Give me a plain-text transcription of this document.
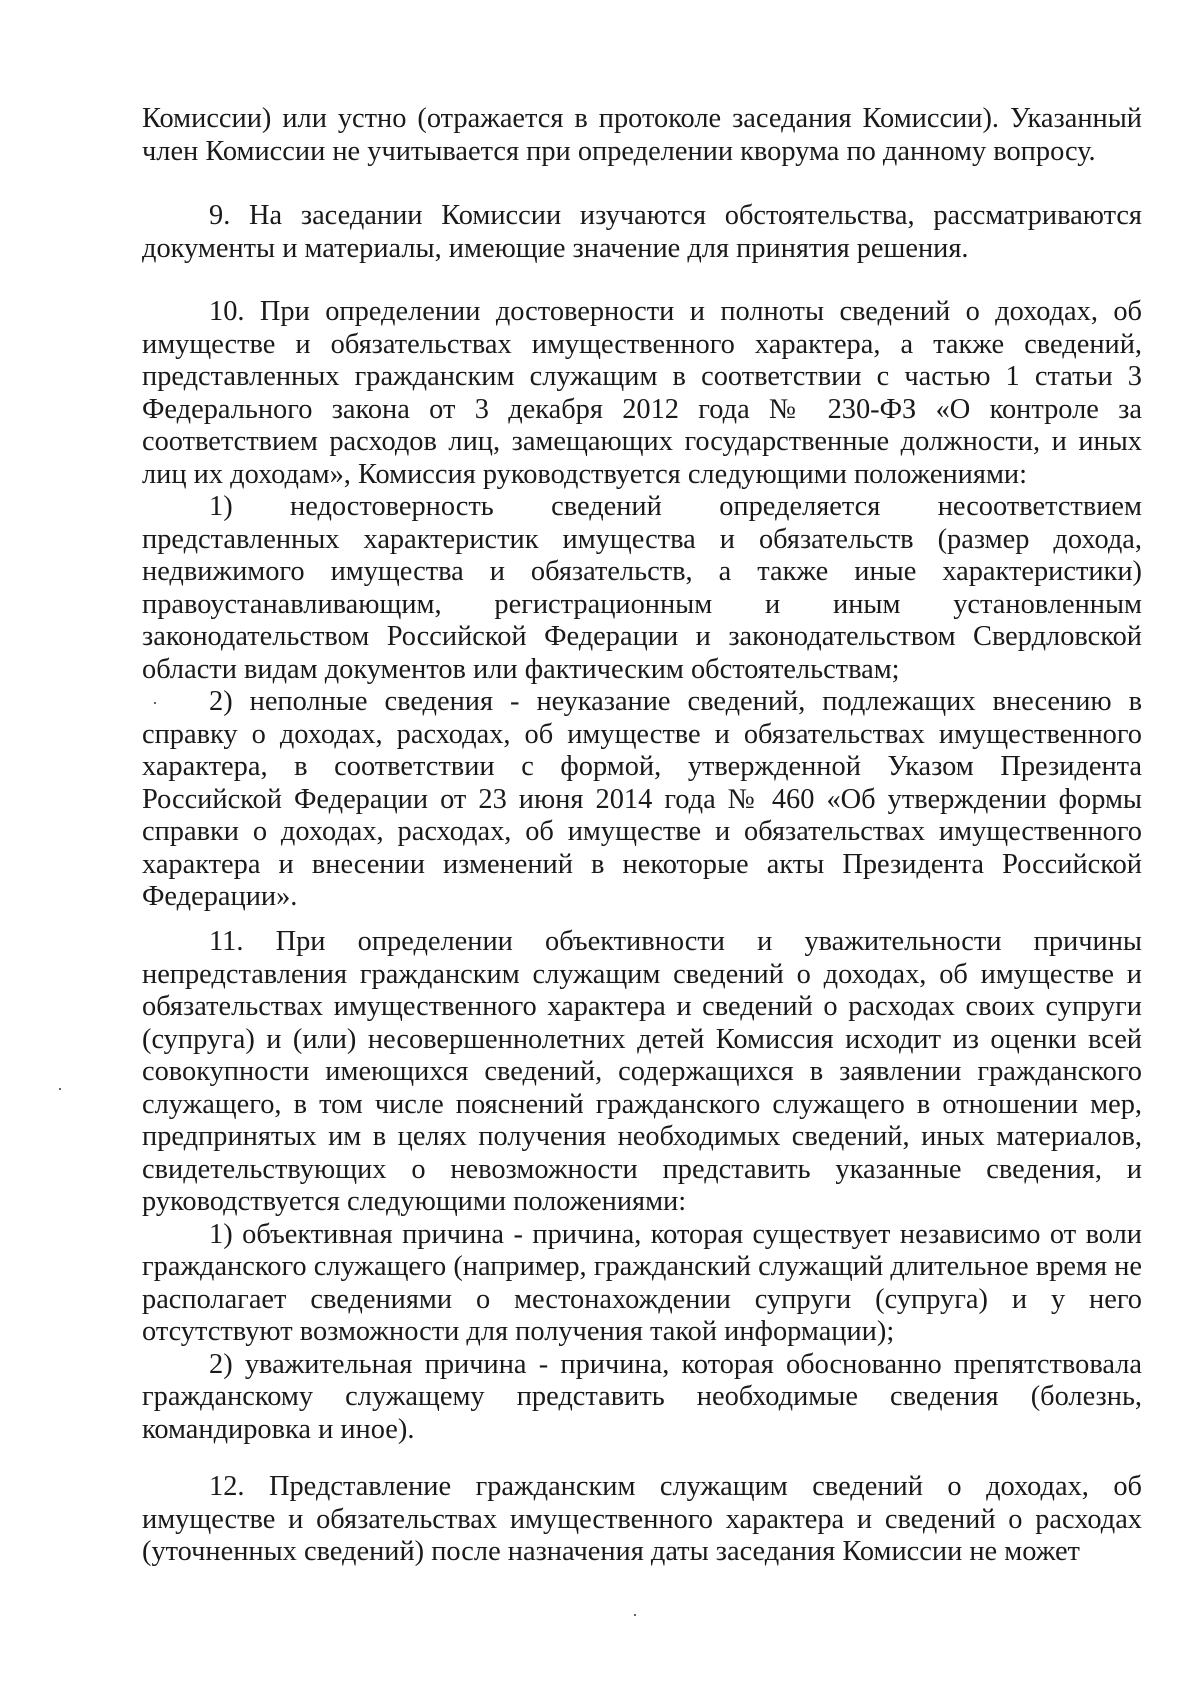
Комиссии) или устно (отражается в протоколе заседания Комиссии). Указанный член Комиссии не учитывается при определении кворума по данному вопросу.

9. На заседании Комиссии изучаются обстоятельства, рассматриваются документы и материалы, имеющие значение для принятия решения.

10. При определении достоверности и полноты сведений о доходах, об имуществе и обязательствах имущественного характера, а также сведений, представленных гражданским служащим в соответствии с частью 1 статьи 3 Федерального закона от 3 декабря 2012 года № 230-ФЗ «О контроле за соответствием расходов лиц, замещающих государственные должности, и иных лиц их доходам», Комиссия руководствуется следующими положениями:

1) недостоверность сведений определяется несоответствием представленных характеристик имущества и обязательств (размер дохода, недвижимого имущества и обязательств, а также иные характеристики) правоустанавливающим, регистрационным и иным установленным законодательством Российской Федерации и законодательством Свердловской области видам документов или фактическим обстоятельствам;

2) неполные сведения - неуказание сведений, подлежащих внесению в справку о доходах, расходах, об имуществе и обязательствах имущественного характера, в соответствии с формой, утвержденной Указом Президента Российской Федерации от 23 июня 2014 года № 460 «Об утверждении формы справки о доходах, расходах, об имуществе и обязательствах имущественного характера и внесении изменений в некоторые акты Президента Российской Федерации».

11. При определении объективности и уважительности причины непредставления гражданским служащим сведений о доходах, об имуществе и обязательствах имущественного характера и сведений о расходах своих супруги (супруга) и (или) несовершеннолетних детей Комиссия исходит из оценки всей совокупности имеющихся сведений, содержащихся в заявлении гражданского служащего, в том числе пояснений гражданского служащего в отношении мер, предпринятых им в целях получения необходимых сведений, иных материалов, свидетельствующих о невозможности представить указанные сведения, и руководствуется следующими положениями:

1) объективная причина - причина, которая существует независимо от воли гражданского служащего (например, гражданский служащий длительное время не располагает сведениями о местонахождении супруги (супруга) и у него отсутствуют возможности для получения такой информации);

2) уважительная причина - причина, которая обоснованно препятствовала гражданскому служащему представить необходимые сведения (болезнь, командировка и иное).

12. Представление гражданским служащим сведений о доходах, об имуществе и обязательствах имущественного характера и сведений о расходах (уточненных сведений) после назначения даты заседания Комиссии не может
